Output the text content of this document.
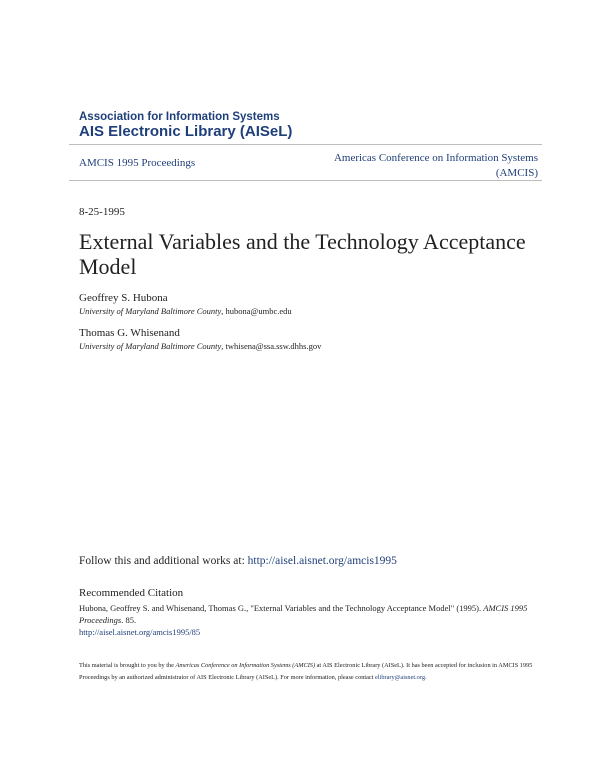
Association for Information Systems
AIS Electronic Library (AISeL)
AMCIS 1995 Proceedings	Americas Conference on Information Systems
(AMCIS)
8-25-1995
External Variables and the Technology Acceptance Model
Geoffrey S. Hubona
University of Maryland Baltimore County, hubona@umbc.edu
Thomas G. Whisenand
University of Maryland Baltimore County, twhisena@ssa.ssw.dhhs.gov
Follow this and additional works at: http://aisel.aisnet.org/amcis1995
Recommended Citation
Hubona, Geoffrey S. and Whisenand, Thomas G., "External Variables and the Technology Acceptance Model" (1995). AMCIS 1995 Proceedings. 85.
http://aisel.aisnet.org/amcis1995/85
This material is brought to you by the Americas Conference on Information Systems (AMCIS) at AIS Electronic Library (AISeL). It has been accepted for inclusion in AMCIS 1995 Proceedings by an authorized administrator of AIS Electronic Library (AISeL). For more information, please contact elibrary@aisnet.org.
